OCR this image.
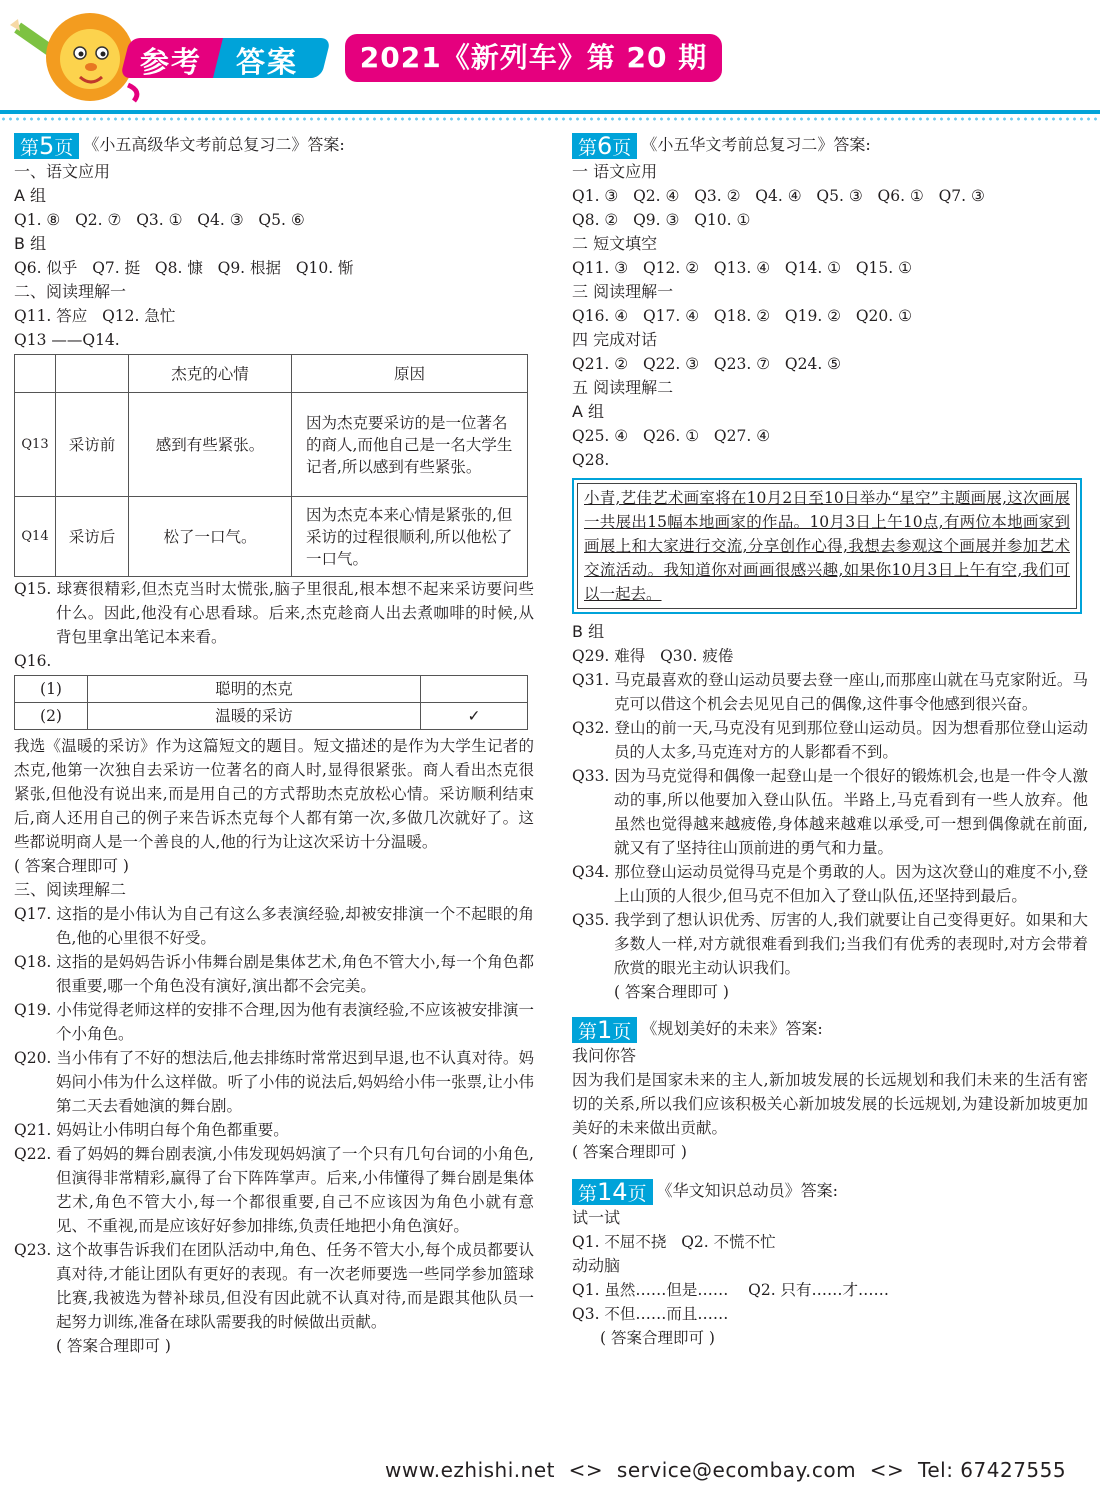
参考 答案	2021《新列车》第 20 期
第5页 《小五高级华文考前总复习二》答案:
一、语文应用
A 组
Q1. ⑧   Q2. ⑦   Q3. ①   Q4. ③   Q5. ⑥
B 组
Q6. 似乎   Q7. 挺   Q8. 慷   Q9. 根据   Q10. 惭
二、阅读理解一
Q11. 答应   Q12. 急忙
Q13 ——Q14.
		杰克的心情	原因
Q13	采访前	感到有些紧张。	因为杰克要采访的是一位著名的商人,而他自己是一名大学生记者,所以感到有些紧张。
Q14	采访后	松了一口气。	因为杰克本来心情是紧张的,但采访的过程很顺利,所以他松了一口气。
Q15. 球赛很精彩,但杰克当时太慌张,脑子里很乱,根本想不起来采访要问些什么。因此,他没有心思看球。后来,杰克趁商人出去煮咖啡的时候,从背包里拿出笔记本来看。
Q16.
(1)	聪明的杰克	
(2)	温暖的采访	✓
我选《温暖的采访》作为这篇短文的题目。短文描述的是作为大学生记者的杰克,他第一次独自去采访一位著名的商人时,显得很紧张。商人看出杰克很紧张,但他没有说出来,而是用自己的方式帮助杰克放松心情。采访顺利结束后,商人还用自己的例子来告诉杰克每个人都有第一次,多做几次就好了。这些都说明商人是一个善良的人,他的行为让这次采访十分温暖。
( 答案合理即可 )
三、阅读理解二
Q17. 这指的是小伟认为自己有这么多表演经验,却被安排演一个不起眼的角色,他的心里很不好受。
Q18. 这指的是妈妈告诉小伟舞台剧是集体艺术,角色不管大小,每一个角色都很重要,哪一个角色没有演好,演出都不会完美。
Q19. 小伟觉得老师这样的安排不合理,因为他有表演经验,不应该被安排演一个小角色。
Q20. 当小伟有了不好的想法后,他去排练时常常迟到早退,也不认真对待。妈妈问小伟为什么这样做。听了小伟的说法后,妈妈给小伟一张票,让小伟第二天去看她演的舞台剧。
Q21. 妈妈让小伟明白每个角色都重要。
Q22. 看了妈妈的舞台剧表演,小伟发现妈妈演了一个只有几句台词的小角色,但演得非常精彩,赢得了台下阵阵掌声。后来,小伟懂得了舞台剧是集体艺术,角色不管大小,每一个都很重要,自己不应该因为角色小就有意见、不重视,而是应该好好参加排练,负责任地把小角色演好。
Q23. 这个故事告诉我们在团队活动中,角色、任务不管大小,每个成员都要认真对待,才能让团队有更好的表现。有一次老师要选一些同学参加篮球比赛,我被选为替补球员,但没有因此就不认真对待,而是跟其他队员一起努力训练,准备在球队需要我的时候做出贡献。
( 答案合理即可 )
第6页 《小五华文考前总复习二》答案:
一 语文应用
Q1. ③   Q2. ④   Q3. ②   Q4. ④   Q5. ③   Q6. ①   Q7. ③
Q8. ②   Q9. ③   Q10. ①
二 短文填空
Q11. ③   Q12. ②   Q13. ④   Q14. ①   Q15. ①
三 阅读理解一
Q16. ④   Q17. ④   Q18. ②   Q19. ②   Q20. ①
四 完成对话
Q21. ②   Q22. ③   Q23. ⑦   Q24. ⑤
五 阅读理解二
A 组
Q25. ④   Q26. ①   Q27. ④
Q28.
小青,艺佳艺术画室将在10月2日至10日举办“星空”主题画展,这次画展一共展出15幅本地画家的作品。10月3日上午10点,有两位本地画家到画展上和大家进行交流,分享创作心得,我想去参观这个画展并参加艺术交流活动。我知道你对画画很感兴趣,如果你10月3日上午有空,我们可以一起去。
B 组
Q29. 难得   Q30. 疲倦
Q31. 马克最喜欢的登山运动员要去登一座山,而那座山就在马克家附近。马克可以借这个机会去见见自己的偶像,这件事令他感到很兴奋。
Q32. 登山的前一天,马克没有见到那位登山运动员。因为想看那位登山运动员的人太多,马克连对方的人影都看不到。
Q33. 因为马克觉得和偶像一起登山是一个很好的锻炼机会,也是一件令人激动的事,所以他要加入登山队伍。半路上,马克看到有一些人放弃。他虽然也觉得越来越疲倦,身体越来越难以承受,可一想到偶像就在前面,就又有了坚持往山顶前进的勇气和力量。
Q34. 那位登山运动员觉得马克是个勇敢的人。因为这次登山的难度不小,登上山顶的人很少,但马克不但加入了登山队伍,还坚持到最后。
Q35. 我学到了想认识优秀、厉害的人,我们就要让自己变得更好。如果和大多数人一样,对方就很难看到我们;当我们有优秀的表现时,对方会带着欣赏的眼光主动认识我们。
( 答案合理即可 )
第1页 《规划美好的未来》答案:
我问你答
因为我们是国家未来的主人,新加坡发展的长远规划和我们未来的生活有密切的关系,所以我们应该积极关心新加坡发展的长远规划,为建设新加坡更加美好的未来做出贡献。
( 答案合理即可 )
第14页 《华文知识总动员》答案:
试一试
Q1. 不屈不挠   Q2. 不慌不忙
动动脑
Q1. 虽然……但是……    Q2. 只有……才……
Q3. 不但……而且……
( 答案合理即可 )
www.ezhishi.net  <>  service@ecombay.com  <>  Tel: 67427555
